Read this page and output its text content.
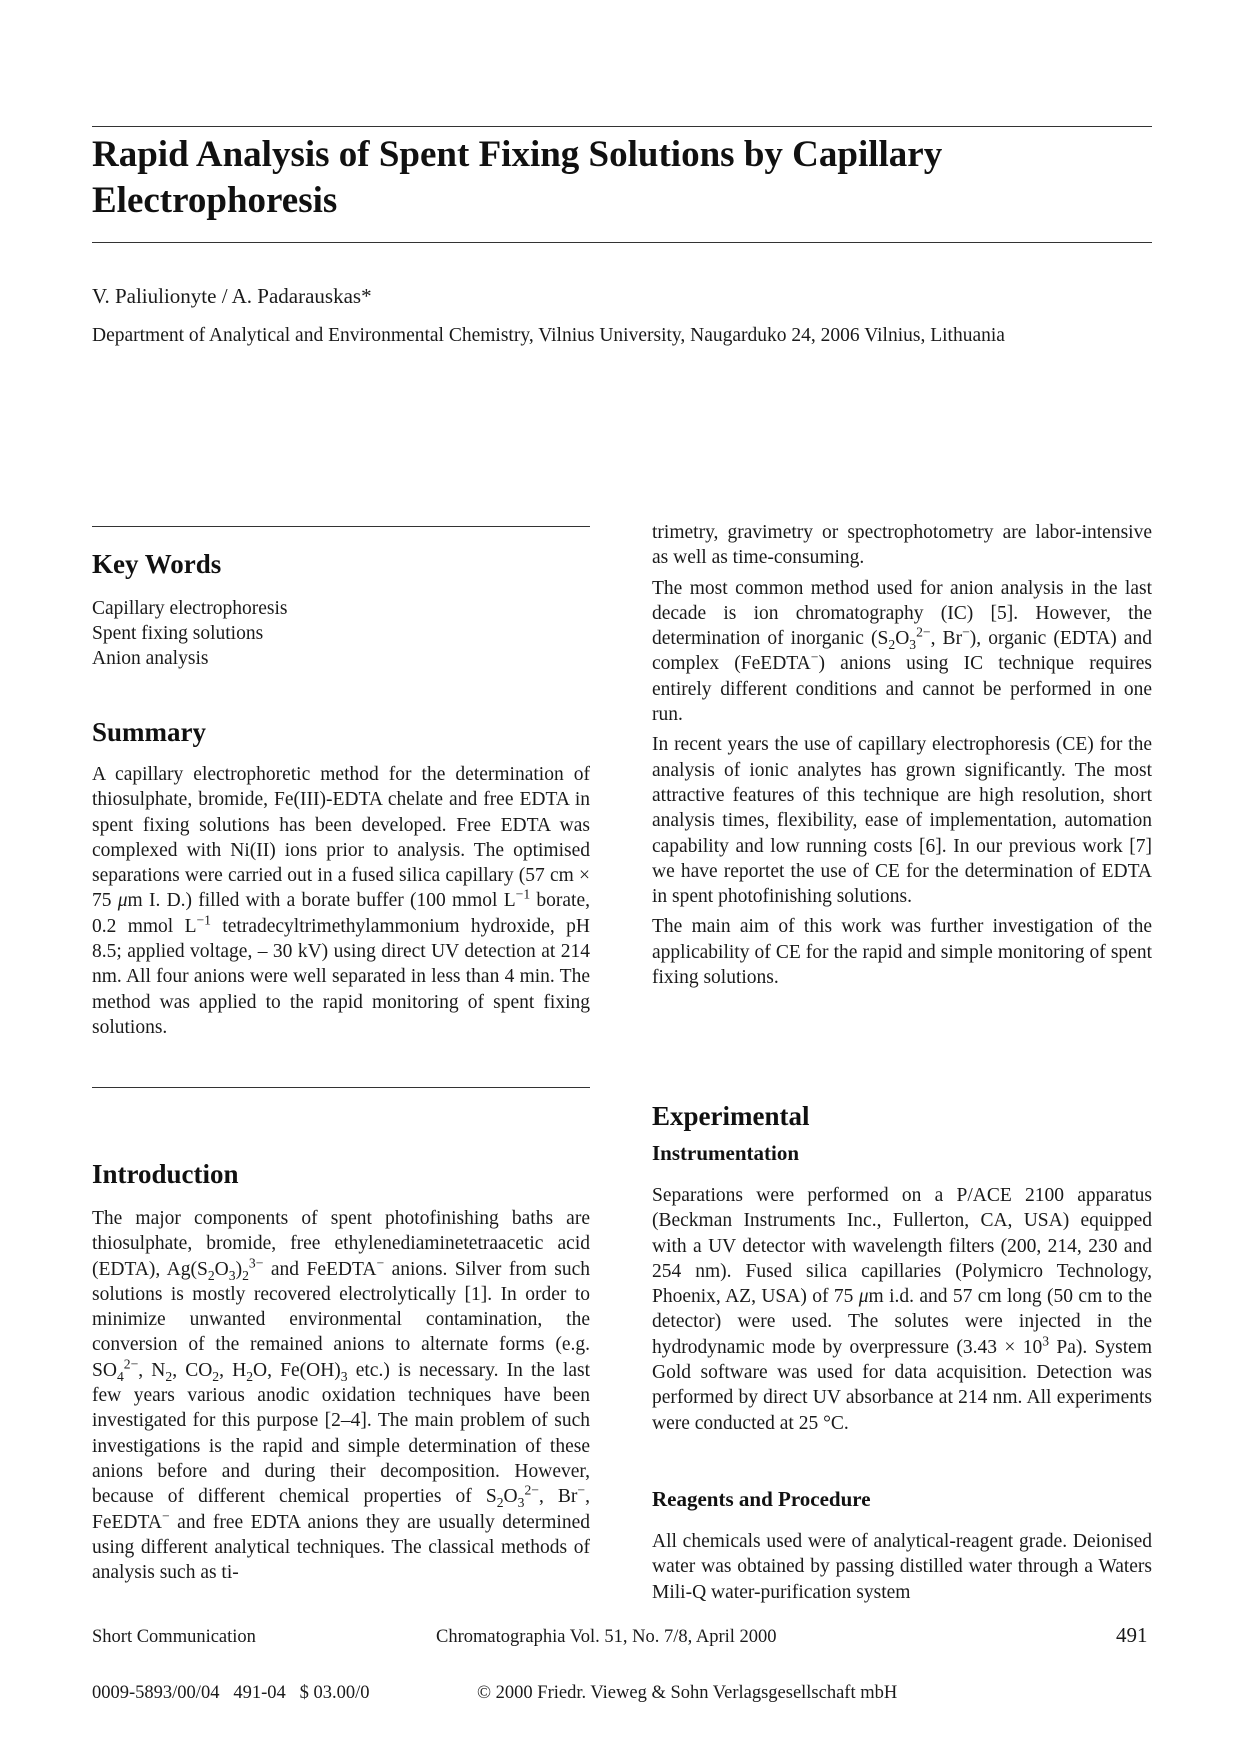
Rapid Analysis of Spent Fixing Solutions by Capillary Electrophoresis
V. Paliulionyte / A. Padarauskas*
Department of Analytical and Environmental Chemistry, Vilnius University, Naugarduko 24, 2006 Vilnius, Lithuania
Key Words
Capillary electrophoresis
Spent fixing solutions
Anion analysis
Summary

A capillary electrophoretic method for the determination of thiosulphate, bromide, Fe(III)-EDTA chelate and free EDTA in spent fixing solutions has been developed. Free EDTA was complexed with Ni(II) ions prior to analysis. The optimised separations were carried out in a fused silica capillary (57 cm × 75 μm I. D.) filled with a borate buffer (100 mmol $L^{-1}$ borate, 0.2 mmol $L^{-1}$ tetradecyltrimethylammonium hydroxide, pH 8.5; applied voltage, – 30 kV) using direct UV detection at 214 nm. All four anions were well separated in less than 4 min. The method was applied to the rapid monitoring of spent fixing solutions.

Introduction

The major components of spent photofinishing baths are thiosulphate, bromide, free ethylenediaminetetraacetic acid (EDTA), $Ag(S_2O_3)_2^{3-}$ and FeEDTA− anions. Silver from such solutions is mostly recovered electrolytically [1]. In order to minimize unwanted environmental contamination, the conversion of the remained anions to alternate forms (e.g. $SO_4^{2-}$, $N_2$, $CO_2$, $H_2O$, $Fe(OH)_3$ etc.) is necessary. In the last few years various anodic oxidation techniques have been investigated for this purpose [2–4]. The main problem of such investigations is the rapid and simple determination of these anions before and during their decomposition. However, because of different chemical properties of $S_2O_3^{2-}$, Br−, FeEDTA− and free EDTA anions they are usually determined using different analytical techniques. The classical methods of analysis such as ti-

trimetry, gravimetry or spectrophotometry are labor-intensive as well as time-consuming.

The most common method used for anion analysis in the last decade is ion chromatography (IC) [5]. However, the determination of inorganic ($S_2O_3^{2-}$, Br−), organic (EDTA) and complex (FeEDTA−) anions using IC technique requires entirely different conditions and cannot be performed in one run.

In recent years the use of capillary electrophoresis (CE) for the analysis of ionic analytes has grown significantly. The most attractive features of this technique are high resolution, short analysis times, flexibility, ease of implementation, automation capability and low running costs [6]. In our previous work [7] we have reportet the use of CE for the determination of EDTA in spent photofinishing solutions.

The main aim of this work was further investigation of the applicability of CE for the rapid and simple monitoring of spent fixing solutions.

Experimental
Instrumentation

Separations were performed on a P/ACE 2100 apparatus (Beckman Instruments Inc., Fullerton, CA, USA) equipped with a UV detector with wavelength filters (200, 214, 230 and 254 nm). Fused silica capillaries (Polymicro Technology, Phoenix, AZ, USA) of 75 μm i.d. and 57 cm long (50 cm to the detector) were used. The solutes were injected in the hydrodynamic mode by overpressure ($3.43 \times 10^3$ Pa). System Gold software was used for data acquisition. Detection was performed by direct UV absorbance at 214 nm. All experiments were conducted at 25 °C.

Reagents and Procedure

All chemicals used were of analytical-reagent grade. Deionised water was obtained by passing distilled water through a Waters Mili-Q water-purification system

Short Communication	Chromatographia Vol. 51, No. 7/8, April 2000	491
0009-5893/00/04   491-04   $ 03.00/0	© 2000 Friedr. Vieweg & Sohn Verlagsgesellschaft mbH
